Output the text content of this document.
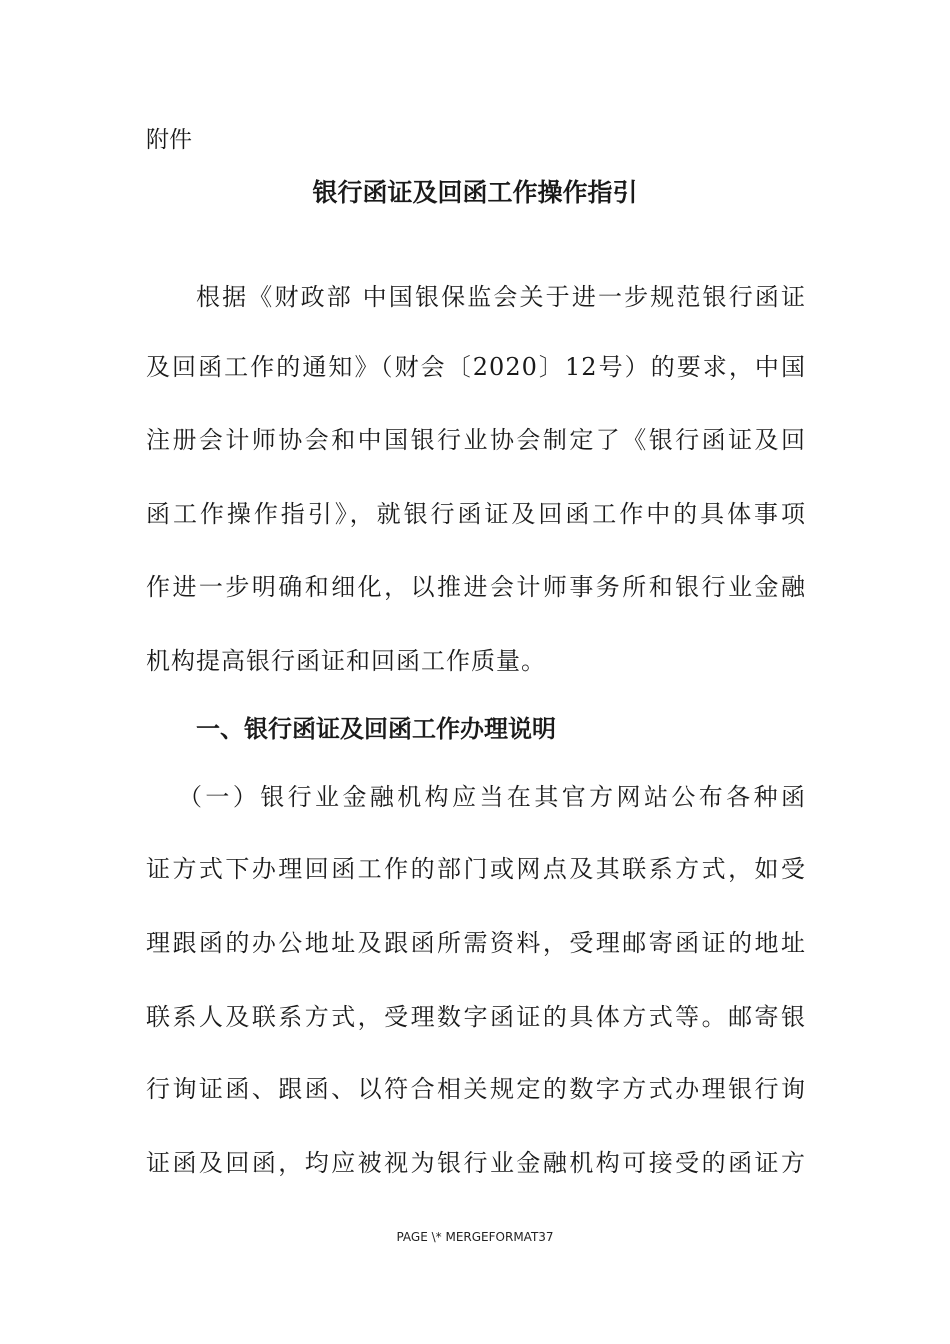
附件
银行函证及回函工作操作指引
根据《财政部 中国银保监会关于进一步规范银行函证
及回函工作的通知》（财会〔2020〕12号）的要求，中国
注册会计师协会和中国银行业协会制定了《银行函证及回
函工作操作指引》，就银行函证及回函工作中的具体事项
作进一步明确和细化，以推进会计师事务所和银行业金融
机构提高银行函证和回函工作质量。
一、银行函证及回函工作办理说明
（一）银行业金融机构应当在其官方网站公布各种函
证方式下办理回函工作的部门或网点及其联系方式，如受
理跟函的办公地址及跟函所需资料，受理邮寄函证的地址
联系人及联系方式，受理数字函证的具体方式等。邮寄银
行询证函、跟函、以符合相关规定的数字方式办理银行询
证函及回函，均应被视为银行业金融机构可接受的函证方
PAGE \* MERGEFORMAT37
